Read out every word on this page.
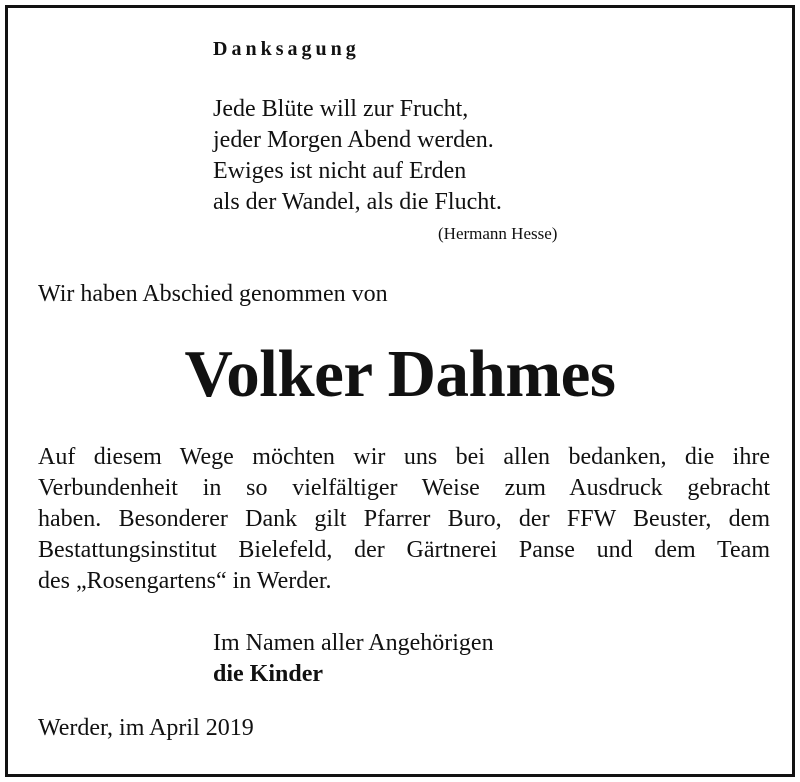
Danksagung
Jede Blüte will zur Frucht,
jeder Morgen Abend werden.
Ewiges ist nicht auf Erden
als der Wandel, als die Flucht.
(Hermann Hesse)
Wir haben Abschied genommen von
Volker Dahmes
Auf diesem Wege möchten wir uns bei allen bedanken, die ihre
Verbundenheit in so vielfältiger Weise zum Ausdruck gebracht
haben. Besonderer Dank gilt Pfarrer Buro, der FFW Beuster, dem
Bestattungsinstitut Bielefeld, der Gärtnerei Panse und dem Team
des „Rosengartens“ in Werder.
Im Namen aller Angehörigen
die Kinder
Werder, im April 2019
